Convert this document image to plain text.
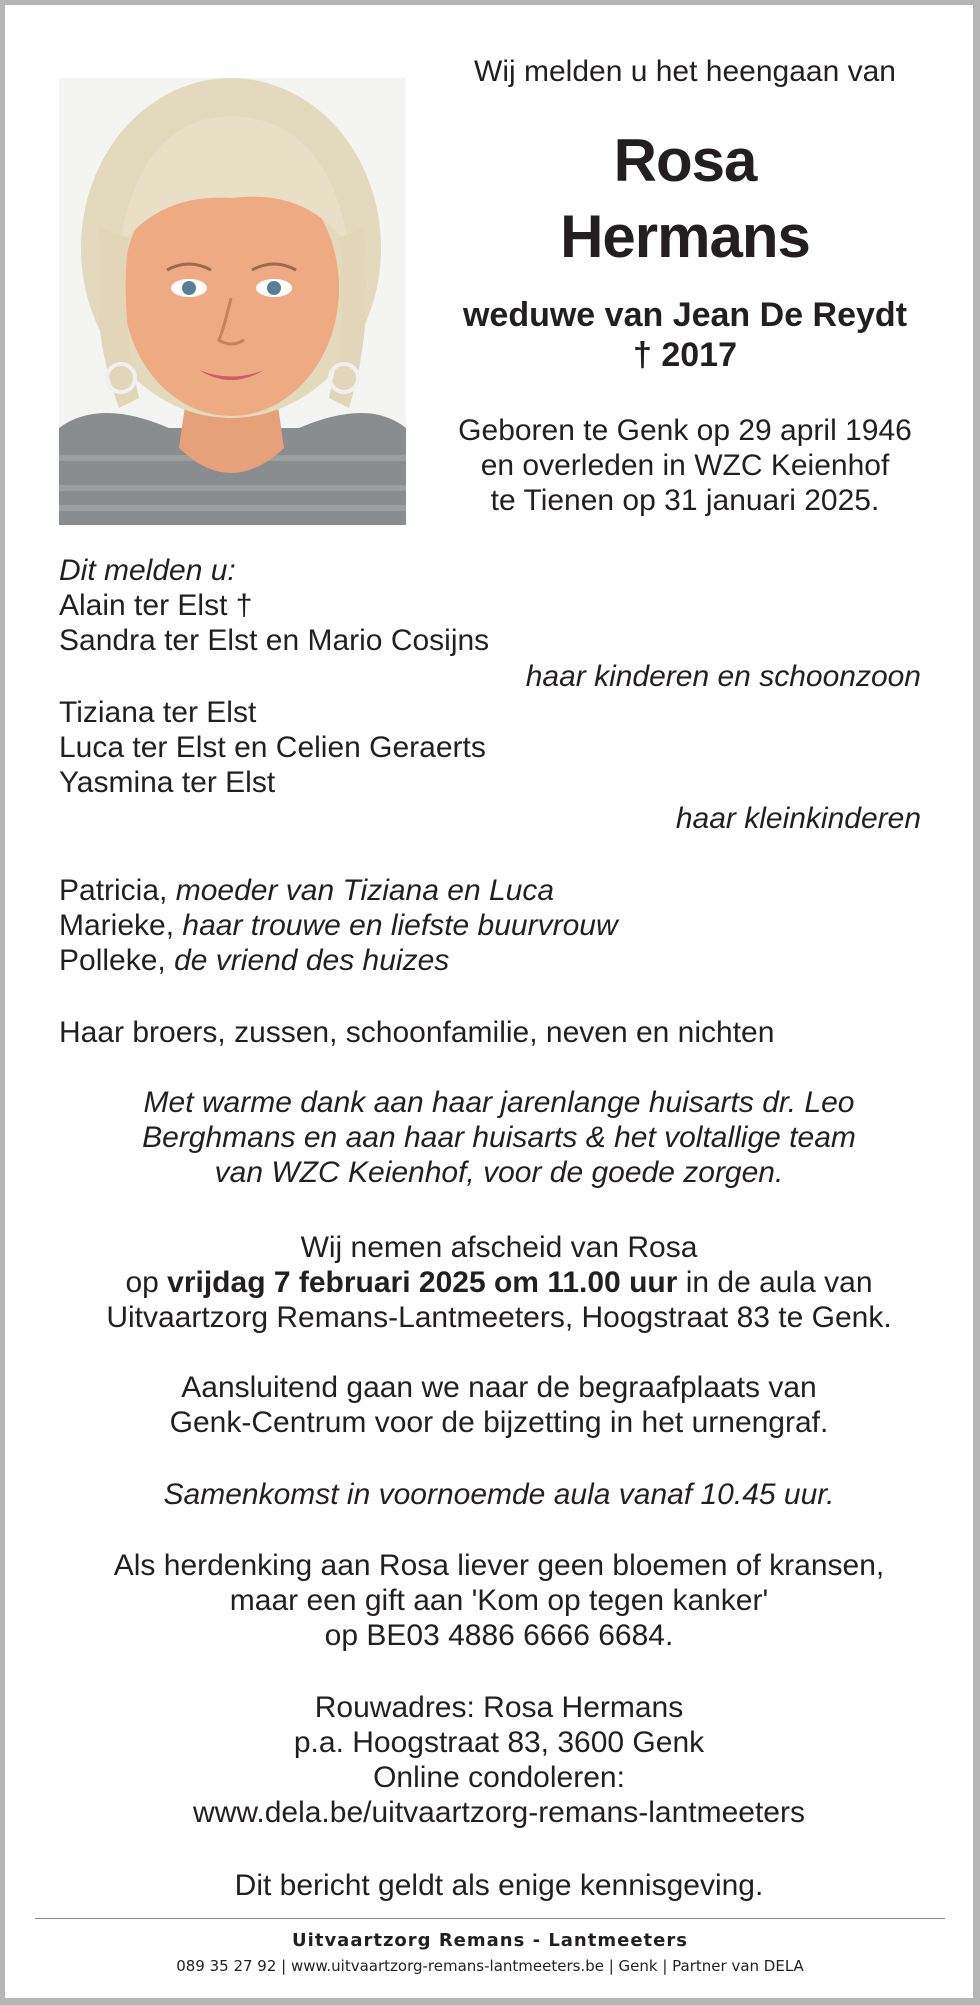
Wij melden u het heengaan van
Rosa
Hermans
weduwe van Jean De Reydt
† 2017
Geboren te Genk op 29 april 1946
en overleden in WZC Keienhof
te Tienen op 31 januari 2025.
Dit melden u:
Alain ter Elst †
Sandra ter Elst en Mario Cosijns
haar kinderen en schoonzoon
Tiziana ter Elst
Luca ter Elst en Celien Geraerts
Yasmina ter Elst
haar kleinkinderen
Patricia, moeder van Tiziana en Luca
Marieke, haar trouwe en liefste buurvrouw
Polleke, de vriend des huizes
Haar broers, zussen, schoonfamilie, neven en nichten
Met warme dank aan haar jarenlange huisarts dr. Leo
Berghmans en aan haar huisarts & het voltallige team
van WZC Keienhof, voor de goede zorgen.
Wij nemen afscheid van Rosa
op vrijdag 7 februari 2025 om 11.00 uur in de aula van
Uitvaartzorg Remans-Lantmeeters, Hoogstraat 83 te Genk.
Aansluitend gaan we naar de begraafplaats van
Genk-Centrum voor de bijzetting in het urnengraf.
Samenkomst in voornoemde aula vanaf 10.45 uur.
Als herdenking aan Rosa liever geen bloemen of kransen,
maar een gift aan 'Kom op tegen kanker'
op BE03 4886 6666 6684.
Rouwadres: Rosa Hermans
p.a. Hoogstraat 83, 3600 Genk
Online condoleren:
www.dela.be/uitvaartzorg-remans-lantmeeters
Dit bericht geldt als enige kennisgeving.
Uitvaartzorg Remans - Lantmeeters
089 35 27 92 | www.uitvaartzorg-remans-lantmeeters.be | Genk | Partner van DELA
